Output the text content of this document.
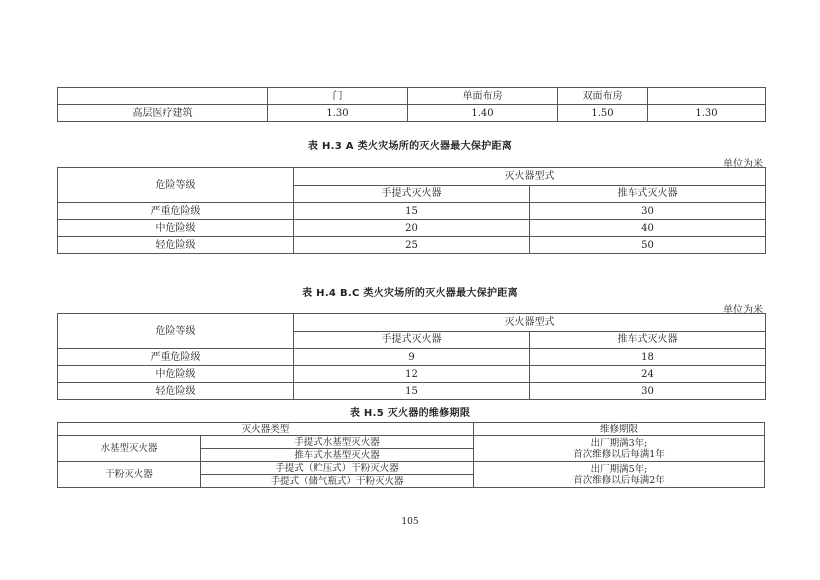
	门	单面布房	双面布房	
高层医疗建筑	1.30	1.40	1.50	1.30
表 H.3 A 类火灾场所的灭火器最大保护距离
单位为米
危险等级	灭火器型式	
	手提式灭火器	推车式灭火器
严重危险级	15	30
中危险级	20	40
轻危险级	25	50
表 H.4 B.C 类火灾场所的灭火器最大保护距离
单位为米
危险等级	灭火器型式	
	手提式灭火器	推车式灭火器
严重危险级	9	18
中危险级	12	24
轻危险级	15	30
表 H.5 灭火器的维修期限
灭火器类型		维修期限
水基型灭火器	手提式水基型灭火器	出厂期满3年;
首次维修以后每满1年

	推车式水基型灭火器	
干粉灭火器	手提式（贮压式）干粉灭火器	出厂期满5年;
首次维修以后每满2年

	手提式（储气瓶式）干粉灭火器	
105
